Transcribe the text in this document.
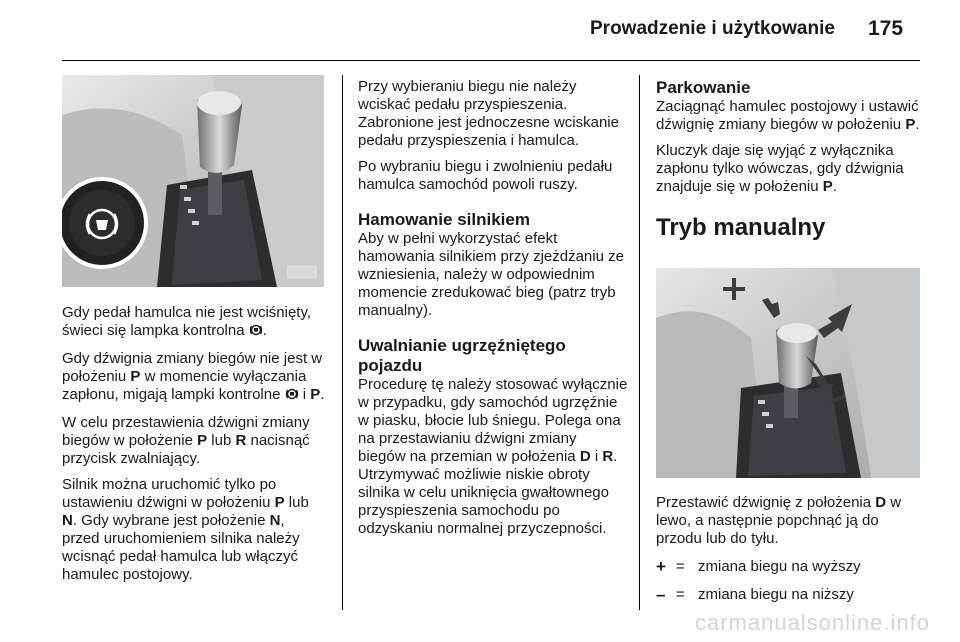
Prowadzenie i użytkowanie 175

Gdy pedał hamulca nie jest wciśnięty, świeci się lampka kontrolna .

Gdy dźwignia zmiany biegów nie jest w położeniu P w momencie wyłączania zapłonu, migają lampki kontrolne  i P.

W celu przestawienia dźwigni zmiany biegów w położenie P lub R nacisnąć przycisk zwalniający.

Silnik można uruchomić tylko po ustawieniu dźwigni w położeniu P lub N. Gdy wybrane jest położenie N, przed uruchomieniem silnika należy wcisnąć pedał hamulca lub włączyć hamulec postojowy.

Przy wybieraniu biegu nie należy wciskać pedału przyspieszenia. Zabronione jest jednoczesne wciskanie pedału przyspieszenia i hamulca.

Po wybraniu biegu i zwolnieniu pedału hamulca samochód powoli ruszy.

Hamowanie silnikiem

Aby w pełni wykorzystać efekt hamowania silnikiem przy zjeżdżaniu ze wzniesienia, należy w odpowiednim momencie zredukować bieg (patrz tryb manualny).

Uwalnianie ugrzęźniętego pojazdu

Procedurę tę należy stosować wyłącznie w przypadku, gdy samochód ugrzęźnie w piasku, błocie lub śniegu. Polega ona na przestawianiu dźwigni zmiany biegów na przemian w położenia D i R. Utrzymywać możliwie niskie obroty silnika w celu uniknięcia gwałtownego przyspieszenia samochodu po odzyskaniu normalnej przyczepności.

Parkowanie

Zaciągnąć hamulec postojowy i ustawić dźwignię zmiany biegów w położeniu P.

Kluczyk daje się wyjąć z wyłącznika zapłonu tylko wówczas, gdy dźwignia znajduje się w położeniu P.

Tryb manualny

Przestawić dźwignię z położenia D w lewo, a następnie popchnąć ją do przodu lub do tyłu.

+ = zmiana biegu na wyższy
– = zmiana biegu na niższy
carmanualsonline.info
